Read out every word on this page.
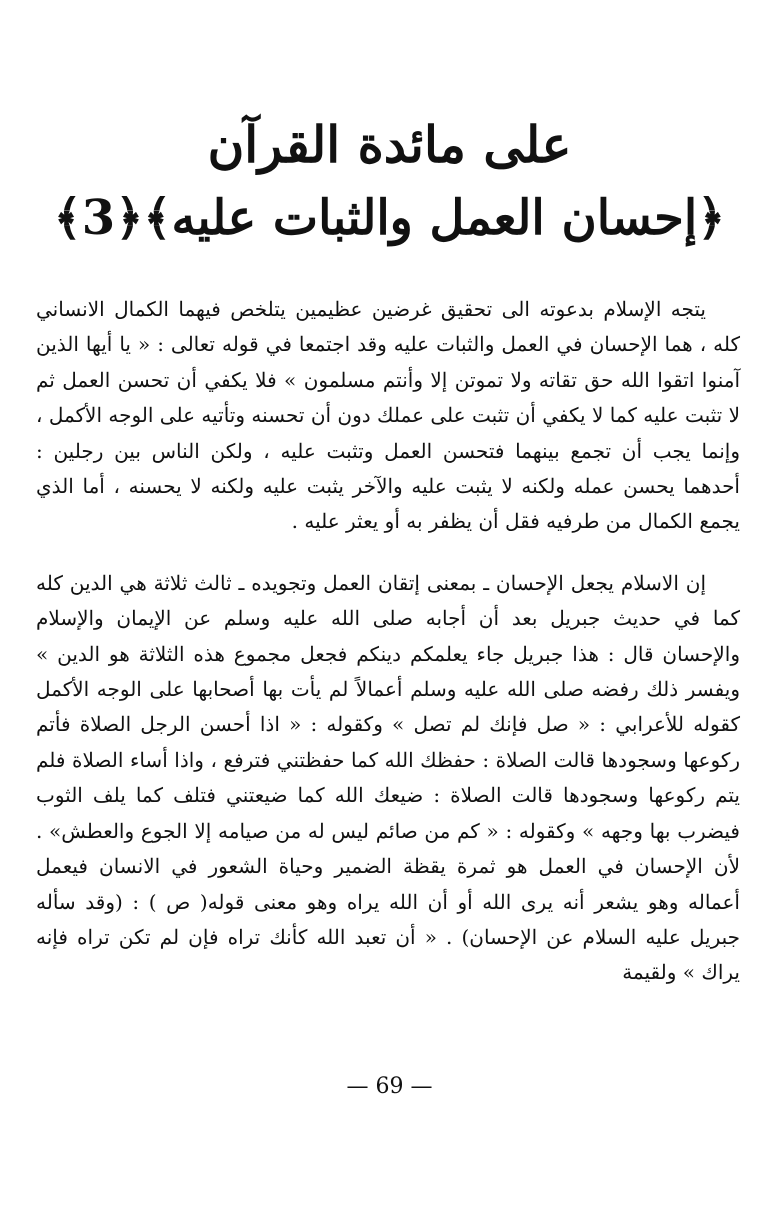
على مائدة القرآن
﴿إحسان العمل والثبات عليه﴾﴿3﴾

يتجه الإسلام بدعوته الى تحقيق غرضين عظيمين يتلخص فيهما الكمال الانساني كله ، هما الإحسان في العمل والثبات عليه وقد اجتمعا في قوله تعالى : « يا أيها الذين آمنوا اتقوا الله حق تقاته ولا تموتن إلا وأنتم مسلمون » فلا يكفي أن تحسن العمل ثم لا تثبت عليه كما لا يكفي أن تثبت على عملك دون أن تحسنه وتأتيه على الوجه الأكمل ، وإنما يجب أن تجمع بينهما فتحسن العمل وتثبت عليه ، ولكن الناس بين رجلين : أحدهما يحسن عمله ولكنه لا يثبت عليه والآخر يثبت عليه ولكنه لا يحسنه ، أما الذي يجمع الكمال من طرفيه فقل أن يظفر به أو يعثر عليه .

إن الاسلام يجعل الإحسان ـ بمعنى إتقان العمل وتجويده ـ ثالث ثلاثة هي الدين كله كما في حديث جبريل بعد أن أجابه صلى الله عليه وسلم عن الإيمان والإسلام والإحسان قال : هذا جبريل جاء يعلمكم دينكم فجعل مجموع هذه الثلاثة هو الدين » ويفسر ذلك رفضه صلى الله عليه وسلم أعمالاً لم يأت بها أصحابها على الوجه الأكمل كقوله للأعرابي : « صل فإنك لم تصل » وكقوله : « اذا أحسن الرجل الصلاة فأتم ركوعها وسجودها قالت الصلاة : حفظك الله كما حفظتني فترفع ، واذا أساء الصلاة فلم يتم ركوعها وسجودها قالت الصلاة : ضيعك الله كما ضيعتني فتلف كما يلف الثوب فيضرب بها وجهه » وكقوله : « كم من صائم ليس له من صيامه إلا الجوع والعطش» . لأن الإحسان في العمل هو ثمرة يقظة الضمير وحياة الشعور في الانسان فيعمل أعماله وهو يشعر أنه يرى الله أو أن الله يراه وهو معنى قوله( ص ) : (وقد سأله جبريل عليه السلام عن الإحسان) . « أن تعبد الله كأنك تراه فإن لم تكن تراه فإنه يراك » ولقيمة

— 69 —
